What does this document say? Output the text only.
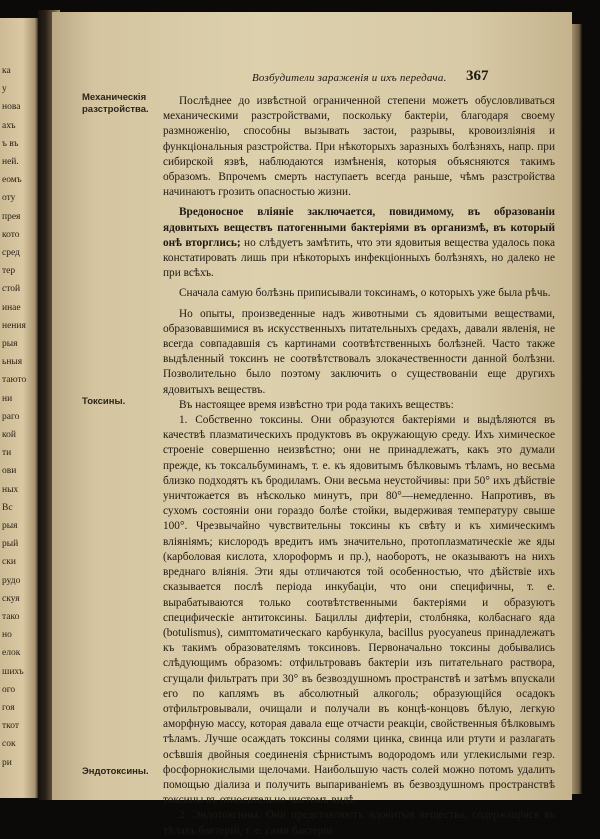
ка
у
нова
ахъ
ъ въ
ней.
еомъ
оту
прея
кото
сред
тер
стой
инае
нения
рыя
ьныя
таюто
ни
раго
кой
ти
ови
ных
Вс
рыя
рый
ски
рудо
скуя
тако
но
елок
шихъ
ого
гоя
ткот
сок
ри
Возбудители зараженія и ихъ передача. 367
Механическія разстройства.
Токсины.
Эндотоксины.

Послѣднее до извѣстной ограниченной степени можетъ обусловливаться механическими разстройствами, поскольку бактеріи, благодаря своему размноженію, способны вызывать застои, разрывы, кровоизліянія и функціональныя разстройства. При нѣкоторыхъ заразныхъ болѣзняхъ, напр. при сибирской язвѣ, наблюдаются измѣненія, которыя объясняются такимъ образомъ. Впрочемъ смерть наступаетъ всегда раньше, чѣмъ разстройства начинаютъ грозить опасностью жизни.

Вредоносное вліяніе заключается, повидимому, въ образованіи ядовитыхъ веществъ патогенными бактеріями въ организмѣ, въ который онѣ вторглись; но слѣдуетъ замѣтить, что эти ядовитыя вещества удалось пока констатировать лишь при нѣкоторыхъ инфекціонныхъ болѣзняхъ, но далеко не при всѣхъ.

Сначала самую болѣзнь приписывали токсинамъ, о которыхъ уже была рѣчь.

Но опыты, произведенные надъ животными съ ядовитыми веществами, образовавшимися въ искусственныхъ питательныхъ средахъ, давали явленія, не всегда совпадавшія съ картинами соотвѣтственныхъ болѣзней. Часто также выдѣленный токсинъ не соотвѣтствовалъ злокачественности данной болѣзни. Позволительно было поэтому заключить о существованіи еще другихъ ядовитыхъ веществъ.

Въ настоящее время извѣстно три рода такихъ веществъ:

1. Собственно токсины. Они образуются бактеріями и выдѣляются въ качествѣ плазматическихъ продуктовъ въ окружающую среду. Ихъ химическое строеніе совершенно неизвѣстно; они не принадлежатъ, какъ это думали прежде, къ токсальбуминамъ, т. е. къ ядовитымъ бѣлковымъ тѣламъ, но весьма близко подходятъ къ бродиламъ. Они весьма неустойчивы: при 50° ихъ дѣйствіе уничтожается въ нѣсколько минутъ, при 80°—немедленно. Напротивъ, въ сухомъ состояніи они гораздо болѣе стойки, выдерживая температуру свыше 100°. Чрезвычайно чувствительны токсины къ свѣту и къ химическимъ вліяніямъ; кислородъ вредитъ имъ значительно, протоплазматическіе же яды (карболовая кислота, хлороформъ и пр.), наоборотъ, не оказываютъ на нихъ вреднаго вліянія. Эти яды отличаются той особенностью, что дѣйствіе ихъ сказывается послѣ періода инкубаціи, что они специфичны, т. е. вырабатываются только соотвѣтственными бактеріями и образуютъ специфическіе антитоксины. Бациллы дифтеріи, столбняка, колбаснаго яда (botulismus), симптоматическаго карбункула, bacillus pyocyaneus принадлежатъ къ такимъ образователямъ токсиновъ. Первоначально токсины добывались слѣдующимъ образомъ: отфильтровавъ бактеріи изъ питательнаго раствора, сгущали фильтратъ при 30° въ безвоздушномъ пространствѣ и затѣмъ впускали его по каплямъ въ абсолютный алкоголь; образующійся осадокъ отфильтровывали, очищали и получали въ концѣ-концовъ бѣлую, легкую аморфную массу, которая давала еще отчасти реакціи, свойственныя бѣлковымъ тѣламъ. Лучше осаждать токсины солями цинка, свинца или ртути и разлагать осѣвшія двойныя соединенія сѣрнистымъ водородомъ или углекислыми гезр. фосфорнокислыми щелочами. Наибольшую часть солей можно потомъ удалить помощью діализа и получить выпариваніемъ въ безвоздушномъ пространствѣ токсины въ относительно чистомъ видѣ.

2. Эндотоксины. Они представляютъ ядовитыя вещества, содержащіяся въ тѣлахъ бактерій, т. е. сами бактеріи
